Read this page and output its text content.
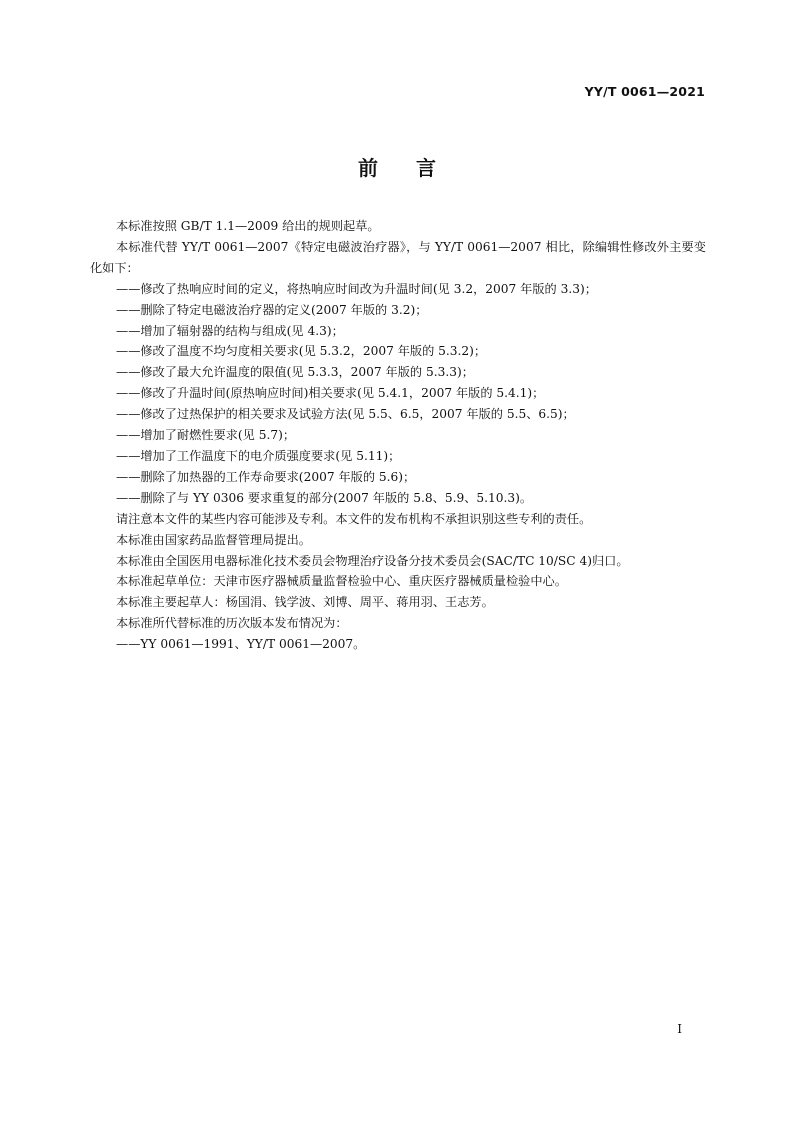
YY/T 0061—2021
前言

本标准按照 GB/T 1.1—2009 给出的规则起草。

本标准代替 YY/T 0061—2007《特定电磁波治疗器》，与 YY/T 0061—2007 相比，除编辑性修改外主要变化如下：

——修改了热响应时间的定义，将热响应时间改为升温时间(见 3.2，2007 年版的 3.3)；

——删除了特定电磁波治疗器的定义(2007 年版的 3.2)；

——增加了辐射器的结构与组成(见 4.3)；

——修改了温度不均匀度相关要求(见 5.3.2，2007 年版的 5.3.2)；

——修改了最大允许温度的限值(见 5.3.3，2007 年版的 5.3.3)；

——修改了升温时间(原热响应时间)相关要求(见 5.4.1，2007 年版的 5.4.1)；

——修改了过热保护的相关要求及试验方法(见 5.5、6.5，2007 年版的 5.5、6.5)；

——增加了耐燃性要求(见 5.7)；

——增加了工作温度下的电介质强度要求(见 5.11)；

——删除了加热器的工作寿命要求(2007 年版的 5.6)；

——删除了与 YY 0306 要求重复的部分(2007 年版的 5.8、5.9、5.10.3)。

请注意本文件的某些内容可能涉及专利。本文件的发布机构不承担识别这些专利的责任。

本标准由国家药品监督管理局提出。

本标准由全国医用电器标准化技术委员会物理治疗设备分技术委员会(SAC/TC 10/SC 4)归口。

本标准起草单位：天津市医疗器械质量监督检验中心、重庆医疗器械质量检验中心。

本标准主要起草人：杨国涓、钱学波、刘博、周平、蒋用羽、王志芳。

本标准所代替标准的历次版本发布情况为：

——YY 0061—1991、YY/T 0061—2007。

I
